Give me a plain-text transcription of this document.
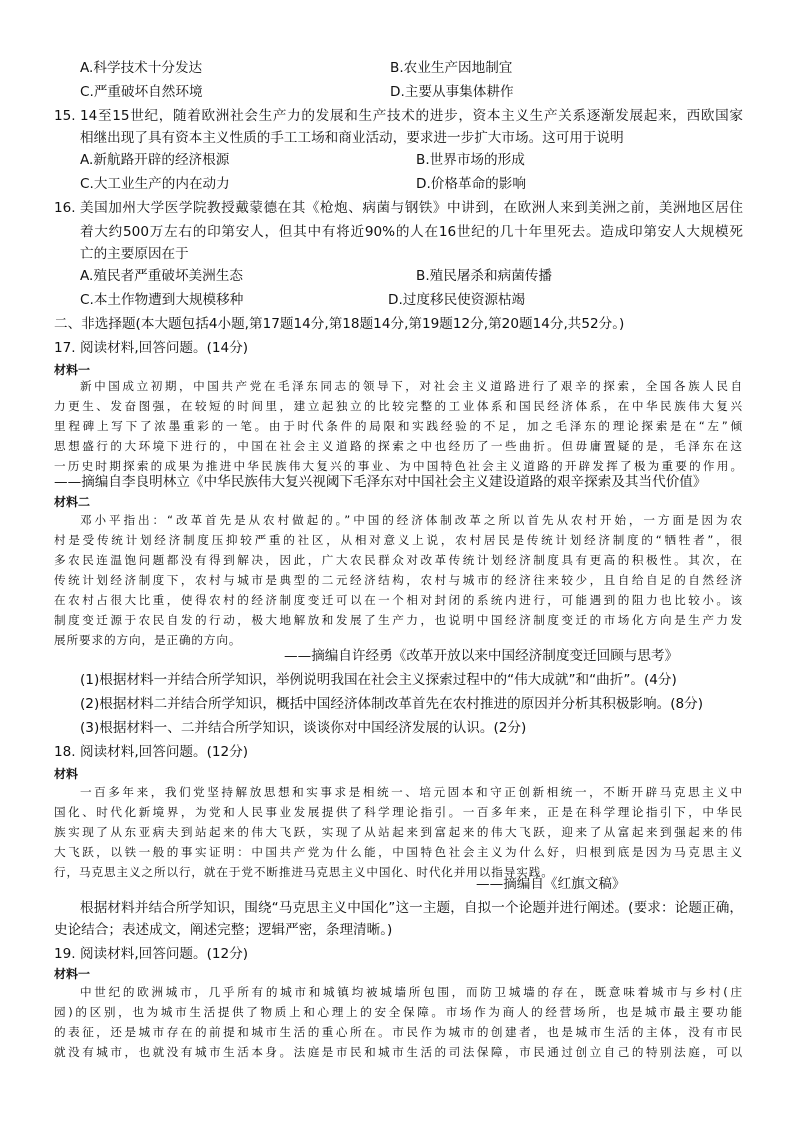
A.科学技术十分发达	B.农业生产因地制宜
C.严重破坏自然环境	D.主要从事集体耕作
15. 14至15世纪，随着欧洲社会生产力的发展和生产技术的进步，资本主义生产关系逐渐发展起来，西欧国家
相继出现了具有资本主义性质的手工工场和商业活动，要求进一步扩大市场。这可用于说明
A.新航路开辟的经济根源	B.世界市场的形成
C.大工业生产的内在动力	D.价格革命的影响
16. 美国加州大学医学院教授戴蒙德在其《枪炮、病菌与钢铁》中讲到，在欧洲人来到美洲之前，美洲地区居住
着大约500万左右的印第安人，但其中有将近90%的人在16世纪的几十年里死去。造成印第安人大规模死
亡的主要原因在于
A.殖民者严重破坏美洲生态	B.殖民屠杀和病菌传播
C.本土作物遭到大规模移种	D.过度移民使资源枯竭
二、非选择题(本大题包括4小题,第17题14分,第18题14分,第19题12分,第20题14分,共52分。)
17. 阅读材料,回答问题。(14分)
材料一
新中国成立初期，中国共产党在毛泽东同志的领导下，对社会主义道路进行了艰辛的探索，全国各族人民自
力更生、发奋图强，在较短的时间里，建立起独立的比较完整的工业体系和国民经济体系，在中华民族伟大复兴
里程碑上写下了浓墨重彩的一笔。由于时代条件的局限和实践经验的不足，加之毛泽东的理论探索是在“左”倾
思想盛行的大环境下进行的，中国在社会主义道路的探索之中也经历了一些曲折。但毋庸置疑的是，毛泽东在这
一历史时期探索的成果为推进中华民族伟大复兴的事业、为中国特色社会主义道路的开辟发挥了极为重要的作用。
——摘编自李良明林立《中华民族伟大复兴视阈下毛泽东对中国社会主义建设道路的艰辛探索及其当代价值》
材料二
邓小平指出：“改革首先是从农村做起的。”中国的经济体制改革之所以首先从农村开始，一方面是因为农
村是受传统计划经济制度压抑较严重的社区，从相对意义上说，农村居民是传统计划经济制度的“牺牲者”，很
多农民连温饱问题都没有得到解决，因此，广大农民群众对改革传统计划经济制度具有更高的积极性。其次，在
传统计划经济制度下，农村与城市是典型的二元经济结构，农村与城市的经济往来较少，且自给自足的自然经济
在农村占很大比重，使得农村的经济制度变迁可以在一个相对封闭的系统内进行，可能遇到的阻力也比较小。该
制度变迁源于农民自发的行动，极大地解放和发展了生产力，也说明中国经济制度变迁的市场化方向是生产力发
展所要求的方向，是正确的方向。
——摘编自许经勇《改革开放以来中国经济制度变迁回顾与思考》
(1)根据材料一并结合所学知识，举例说明我国在社会主义探索过程中的“伟大成就”和“曲折”。(4分)
(2)根据材料二并结合所学知识，概括中国经济体制改革首先在农村推进的原因并分析其积极影响。(8分)
(3)根据材料一、二并结合所学知识，谈谈你对中国经济发展的认识。(2分)
18. 阅读材料,回答问题。(12分)
材料
一百多年来，我们党坚持解放思想和实事求是相统一、培元固本和守正创新相统一，不断开辟马克思主义中
国化、时代化新境界，为党和人民事业发展提供了科学理论指引。一百多年来，正是在科学理论指引下，中华民
族实现了从东亚病夫到站起来的伟大飞跃，实现了从站起来到富起来的伟大飞跃，迎来了从富起来到强起来的伟
大飞跃，以铁一般的事实证明：中国共产党为什么能，中国特色社会主义为什么好，归根到底是因为马克思主义
行，马克思主义之所以行，就在于党不断推进马克思主义中国化、时代化并用以指导实践。
——摘编自《红旗文稿》
根据材料并结合所学知识，围绕“马克思主义中国化”这一主题，自拟一个论题并进行阐述。(要求：论题正确，
史论结合；表述成文，阐述完整；逻辑严密，条理清晰。)
19. 阅读材料,回答问题。(12分)
材料一
中世纪的欧洲城市，几乎所有的城市和城镇均被城墙所包围，而防卫城墙的存在，既意味着城市与乡村(庄
园)的区别，也为城市生活提供了物质上和心理上的安全保障。市场作为商人的经营场所，也是城市最主要功能
的表征，还是城市存在的前提和城市生活的重心所在。市民作为城市的创建者，也是城市生活的主体，没有市民
就没有城市，也就没有城市生活本身。法庭是市民和城市生活的司法保障，市民通过创立自己的特别法庭，可以
